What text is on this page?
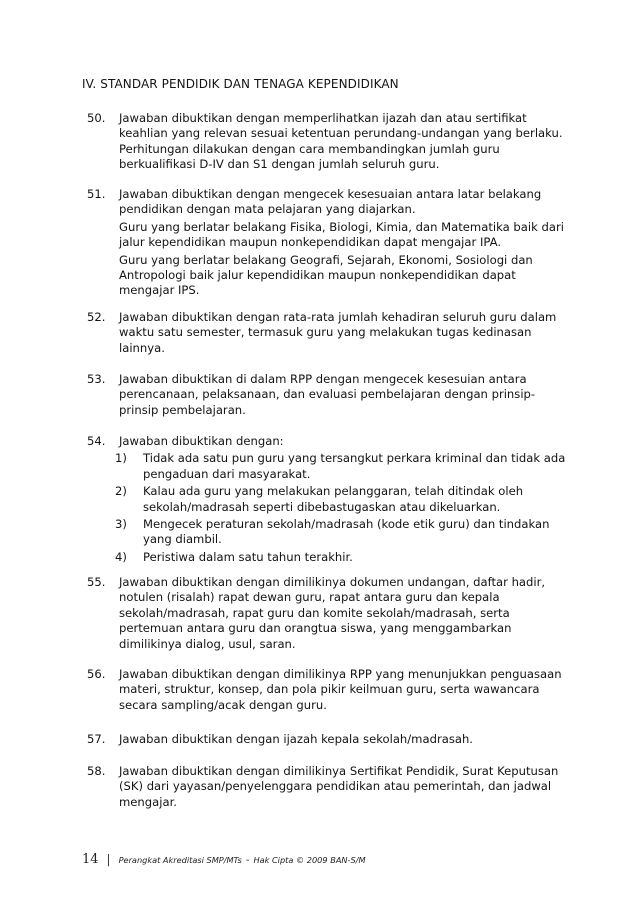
IV. STANDAR PENDIDIK DAN TENAGA KEPENDIDIKAN
50. Jawaban dibuktikan dengan memperlihatkan ijazah dan atau sertifikat keahlian yang relevan sesuai ketentuan perundang-undangan yang berlaku. Perhitungan dilakukan dengan cara membandingkan jumlah guru berkualifikasi D-IV dan S1 dengan jumlah seluruh guru.

51. Jawaban dibuktikan dengan mengecek kesesuaian antara latar belakang pendidikan dengan mata pelajaran yang diajarkan.

Guru yang berlatar belakang Fisika, Biologi, Kimia, dan Matematika baik dari jalur kependidikan maupun nonkependidikan dapat mengajar IPA.

Guru yang berlatar belakang Geografi, Sejarah, Ekonomi, Sosiologi dan Antropologi baik jalur kependidikan maupun nonkependidikan dapat mengajar IPS.

52. Jawaban dibuktikan dengan rata-rata jumlah kehadiran seluruh guru dalam waktu satu semester, termasuk guru yang melakukan tugas kedinasan lainnya.

53. Jawaban dibuktikan di dalam RPP dengan mengecek kesesuian antara perencanaan, pelaksanaan, dan evaluasi pembelajaran dengan prinsip-prinsip pembelajaran.

54. Jawaban dibuktikan dengan:

1) Tidak ada satu pun guru yang tersangkut perkara kriminal dan tidak ada pengaduan dari masyarakat.
2) Kalau ada guru yang melakukan pelanggaran, telah ditindak oleh sekolah/madrasah seperti dibebastugaskan atau dikeluarkan.
3) Mengecek peraturan sekolah/madrasah (kode etik guru) dan tindakan yang diambil.
4) Peristiwa dalam satu tahun terakhir.
55. Jawaban dibuktikan dengan dimilikinya dokumen undangan, daftar hadir, notulen (risalah) rapat dewan guru, rapat antara guru dan kepala sekolah/madrasah, rapat guru dan komite sekolah/madrasah, serta pertemuan antara guru dan orangtua siswa, yang menggambarkan dimilikinya dialog, usul, saran.

56. Jawaban dibuktikan dengan dimilikinya RPP yang menunjukkan penguasaan materi, struktur, konsep, dan pola pikir keilmuan guru, serta wawancara secara sampling/acak dengan guru.

57. Jawaban dibuktikan dengan ijazah kepala sekolah/madrasah.

58. Jawaban dibuktikan dengan dimilikinya Sertifikat Pendidik, Surat Keputusan (SK) dari yayasan/penyelenggara pendidikan atau pemerintah, dan jadwal mengajar.

14 | Perangkat Akreditasi SMP/MTs - Hak Cipta © 2009 BAN-S/M
